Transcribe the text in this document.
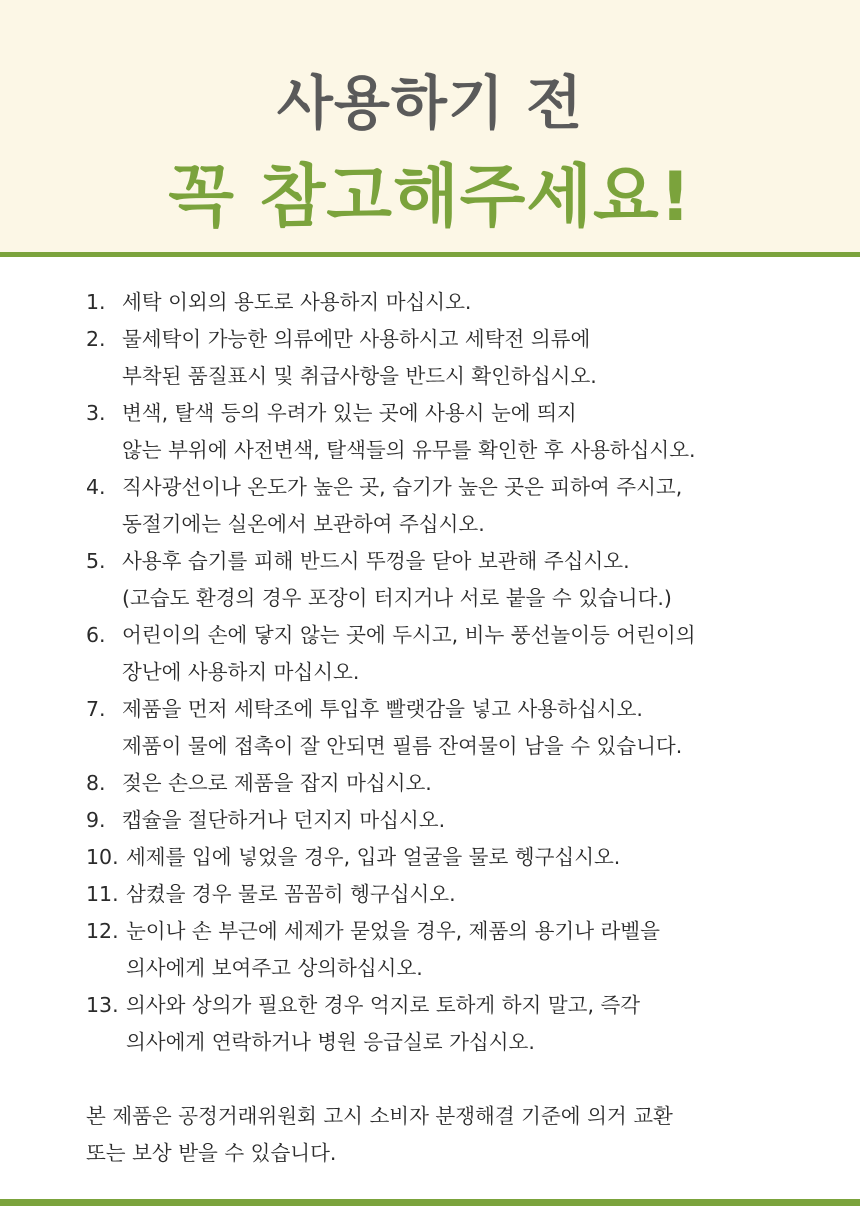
사용하기 전
꼭 참고해주세요!
1. 세탁 이외의 용도로 사용하지 마십시오.
2. 물세탁이 가능한 의류에만 사용하시고 세탁전 의류에
부착된 품질표시 및 취급사항을 반드시 확인하십시오.
3. 변색, 탈색 등의 우려가 있는 곳에 사용시 눈에 띄지
않는 부위에 사전변색, 탈색들의 유무를 확인한 후 사용하십시오.
4. 직사광선이나 온도가 높은 곳, 습기가 높은 곳은 피하여 주시고,
동절기에는 실온에서 보관하여 주십시오.
5. 사용후 습기를 피해 반드시 뚜껑을 닫아 보관해 주십시오.
(고습도 환경의 경우 포장이 터지거나 서로 붙을 수 있습니다.)
6. 어린이의 손에 닿지 않는 곳에 두시고, 비누 풍선놀이등 어린이의
장난에 사용하지 마십시오.
7. 제품을 먼저 세탁조에 투입후 빨랫감을 넣고 사용하십시오.
제품이 물에 접촉이 잘 안되면 필름 잔여물이 남을 수 있습니다.
8. 젖은 손으로 제품을 잡지 마십시오.
9. 캡슐을 절단하거나 던지지 마십시오.
10. 세제를 입에 넣었을 경우, 입과 얼굴을 물로 헹구십시오.
11. 삼켰을 경우 물로 꼼꼼히 헹구십시오.
12. 눈이나 손 부근에 세제가 묻었을 경우, 제품의 용기나 라벨을
의사에게 보여주고 상의하십시오.
13. 의사와 상의가 필요한 경우 억지로 토하게 하지 말고, 즉각
의사에게 연락하거나 병원 응급실로 가십시오.
본 제품은 공정거래위원회 고시 소비자 분쟁해결 기준에 의거 교환
또는 보상 받을 수 있습니다.
